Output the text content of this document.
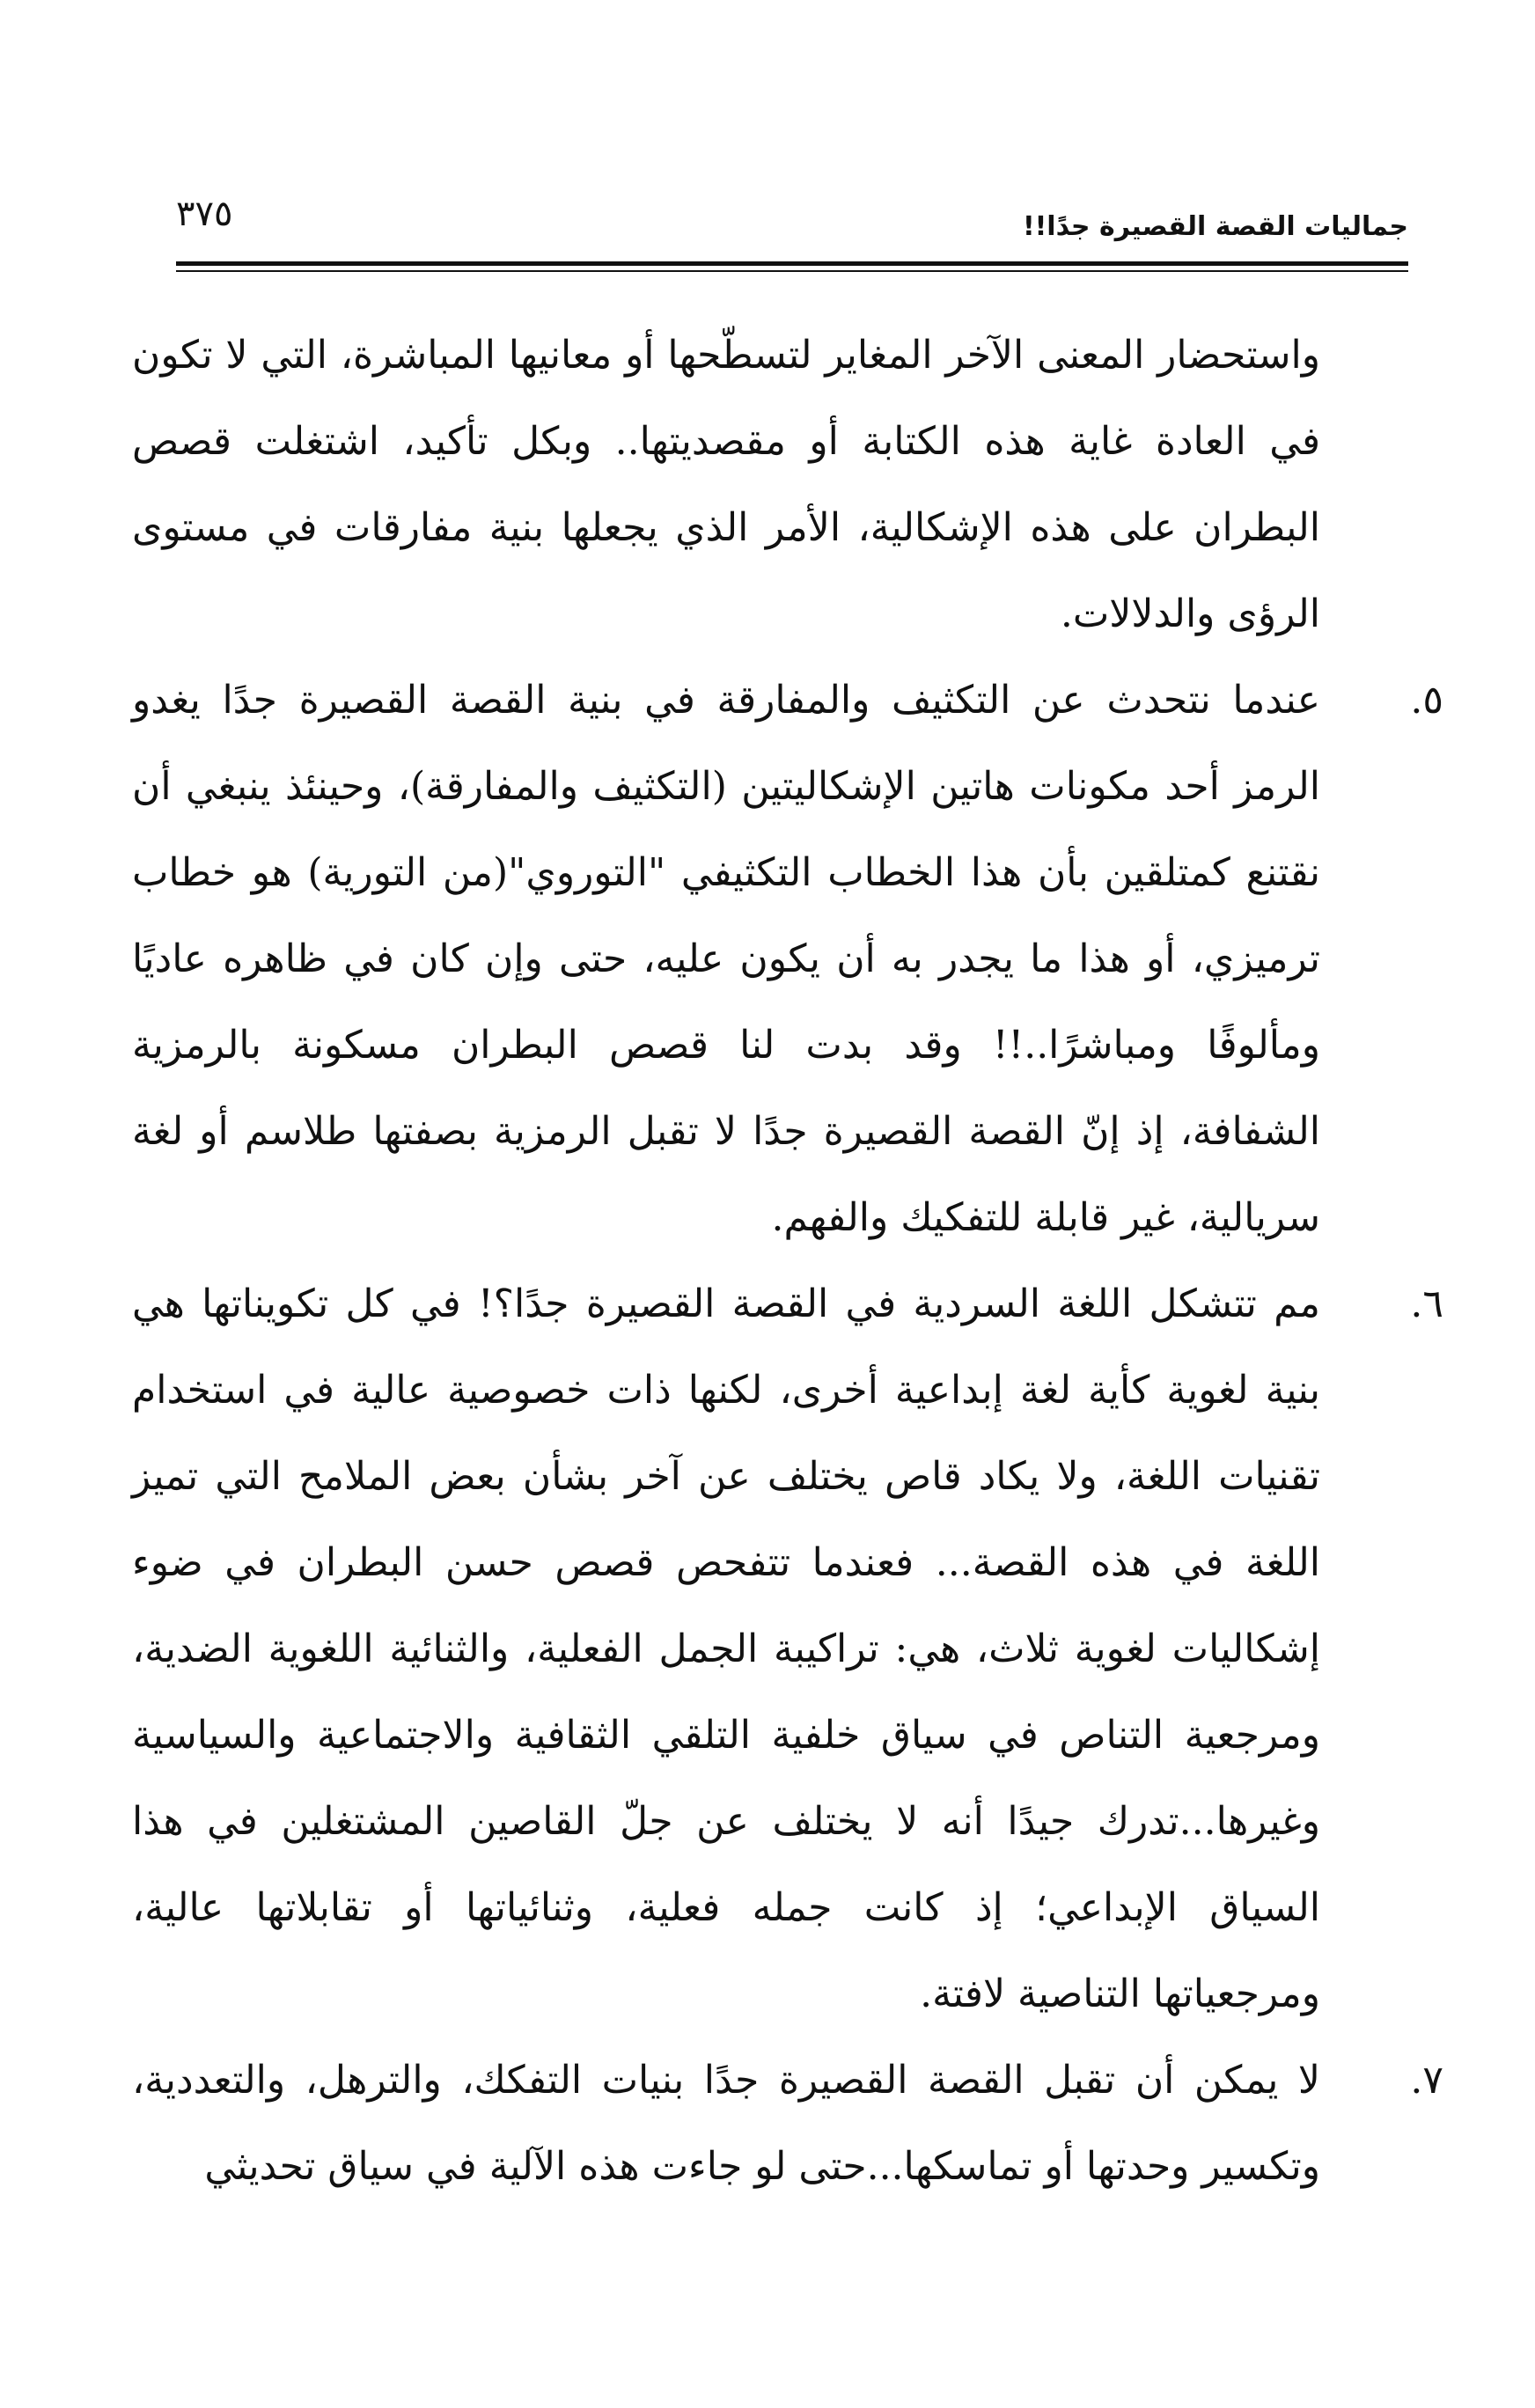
جماليات القصة القصيرة جدًا!!
٣٧٥

واستحضار المعنى الآخر المغاير لتسطّحها أو معانيها المباشرة، التي لا تكون في العادة غاية هذه الكتابة أو مقصديتها.. وبكل تأكيد، اشتغلت قصص البطران على هذه الإشكالية، الأمر الذي يجعلها بنية مفارقات في مستوى الرؤى والدلالات.

٥.

عندما نتحدث عن التكثيف والمفارقة في بنية القصة القصيرة جدًا يغدو الرمز أحد مكونات هاتين الإشكاليتين (التكثيف والمفارقة)، وحينئذ ينبغي أن نقتنع كمتلقين بأن هذا الخطاب التكثيفي "التوروي"(من التورية) هو خطاب ترميزي، أو هذا ما يجدر به أن يكون عليه، حتى وإن كان في ظاهره عاديًا ومألوفًا ومباشرًا..!! وقد بدت لنا قصص البطران مسكونة بالرمزية الشفافة، إذ إنّ القصة القصيرة جدًا لا تقبل الرمزية بصفتها طلاسم أو لغة سريالية، غير قابلة للتفكيك والفهم.

٦.

مم تتشكل اللغة السردية في القصة القصيرة جدًا؟! في كل تكويناتها هي بنية لغوية كأية لغة إبداعية أخرى، لكنها ذات خصوصية عالية في استخدام تقنيات اللغة، ولا يكاد قاص يختلف عن آخر بشأن بعض الملامح التي تميز اللغة في هذه القصة... فعندما تتفحص قصص حسن البطران في ضوء إشكاليات لغوية ثلاث، هي: تراكيبة الجمل الفعلية، والثنائية اللغوية الضدية، ومرجعية التناص في سياق خلفية التلقي الثقافية والاجتماعية والسياسية وغيرها...تدرك جيدًا أنه لا يختلف عن جلّ القاصين المشتغلين في هذا السياق الإبداعي؛ إذ كانت جمله فعلية، وثنائياتها أو تقابلاتها عالية، ومرجعياتها التناصية لافتة.

٧.

لا يمكن أن تقبل القصة القصيرة جدًا بنيات التفكك، والترهل، والتعددية، وتكسير وحدتها أو تماسكها...حتى لو جاءت هذه الآلية في سياق تحديثي
